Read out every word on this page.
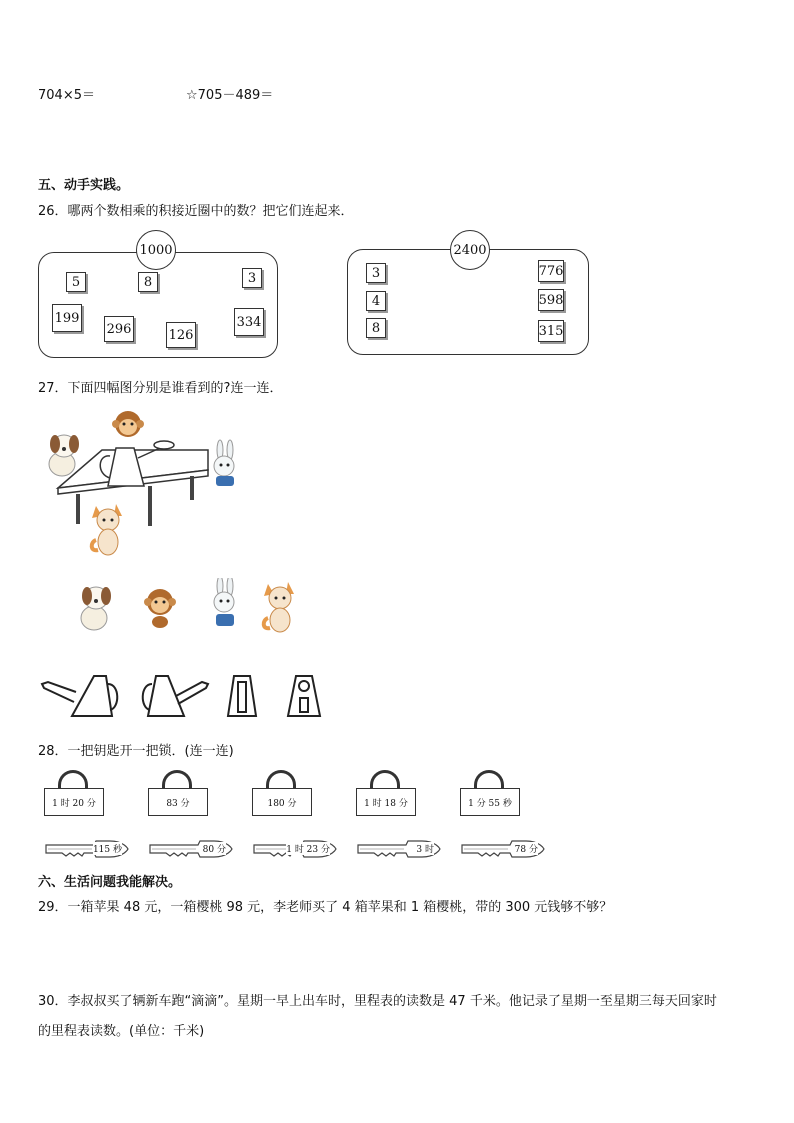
704×5＝	☆705－489＝
五、动手实践。
26．哪两个数相乘的积接近圈中的数？把它们连起来．
1000
5	8	3
199
296	126
334
2400
3
4
8
776
598
315
27．下面四幅图分别是谁看到的?连一连．
28．一把钥匙开一把锁．(连一连)
1 时 20 分	83 分	180 分	1 时 18 分	1 分 55 秒
115 秒	80 分	1 时 23 分	3 时	78 分
六、生活问题我能解决。
29．一箱苹果 48 元，一箱樱桃 98 元，李老师买了 4 箱苹果和 1 箱樱桃，带的 300 元钱够不够？
30．李叔叔买了辆新车跑“滴滴”。星期一早上出车时，里程表的读数是 47 千米。他记录了星期一至星期三每天回家时
的里程表读数。(单位：千米)
